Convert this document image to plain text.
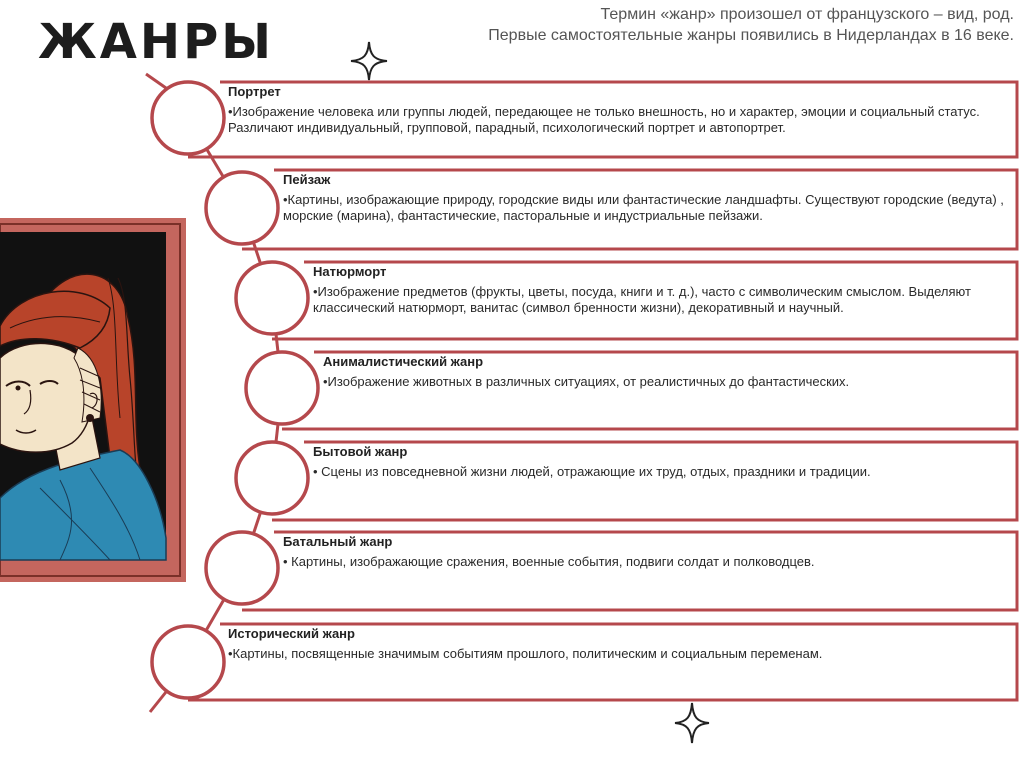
ЖАНРЫ	Термин «жанр» произошел от французского – вид, род.
Первые самостоятельные жанры появились в Нидерландах в 16 веке.
Портрет
•Изображение человека или группы людей, передающее не только внешность, но и характер, эмоции и социальный статус. Различают индивидуальный, групповой, парадный, психологический портрет и автопортрет.
Пейзаж
•Картины, изображающие природу, городские виды или фантастические ландшафты. Существуют городские (ведута) , морские (марина), фантастические, пасторальные и индустриальные пейзажи.
Натюрморт
•Изображение предметов (фрукты, цветы, посуда, книги и т. д.), часто с символическим смыслом. Выделяют классический натюрморт, ванитас (символ бренности жизни), декоративный и научный.
Анималистический жанр
•Изображение животных в различных ситуациях, от реалистичных до фантастических.
Бытовой жанр
• Сцены из повседневной жизни людей, отражающие их труд, отдых, праздники и традиции.
Батальный жанр
• Картины, изображающие сражения, военные события, подвиги солдат и полководцев.
Исторический жанр
•Картины, посвященные значимым событиям прошлого, политическим и социальным переменам.
